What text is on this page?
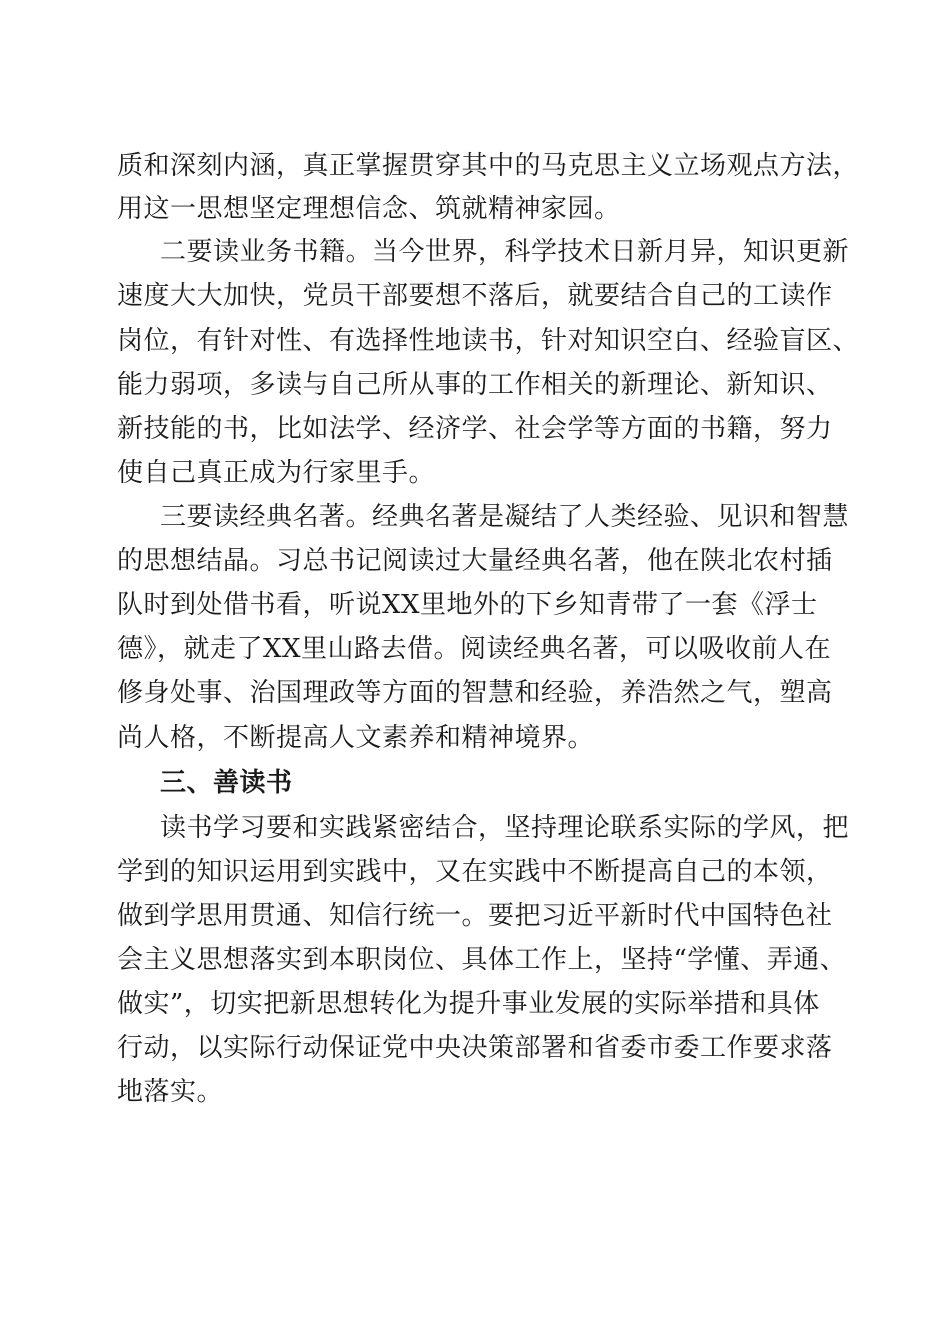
质和深刻内涵，真正掌握贯穿其中的马克思主义立场观点方法，
用这一思想坚定理想信念、筑就精神家园。
二要读业务书籍。当今世界，科学技术日新月异，知识更新
速度大大加快，党员干部要想不落后，就要结合自己的工读作
岗位，有针对性、有选择性地读书，针对知识空白、经验盲区、
能力弱项，多读与自己所从事的工作相关的新理论、新知识、
新技能的书，比如法学、经济学、社会学等方面的书籍，努力
使自己真正成为行家里手。
三要读经典名著。经典名著是凝结了人类经验、见识和智慧
的思想结晶。习总书记阅读过大量经典名著，他在陕北农村插
队时到处借书看，听说XX里地外的下乡知青带了一套《浮士
德》，就走了XX里山路去借。阅读经典名著，可以吸收前人在
修身处事、治国理政等方面的智慧和经验，养浩然之气，塑高
尚人格，不断提高人文素养和精神境界。
三、善读书
读书学习要和实践紧密结合，坚持理论联系实际的学风，把
学到的知识运用到实践中，又在实践中不断提高自己的本领，
做到学思用贯通、知信行统一。要把习近平新时代中国特色社
会主义思想落实到本职岗位、具体工作上，坚持“学懂、弄通、
做实”，切实把新思想转化为提升事业发展的实际举措和具体
行动，以实际行动保证党中央决策部署和省委市委工作要求落
地落实。
